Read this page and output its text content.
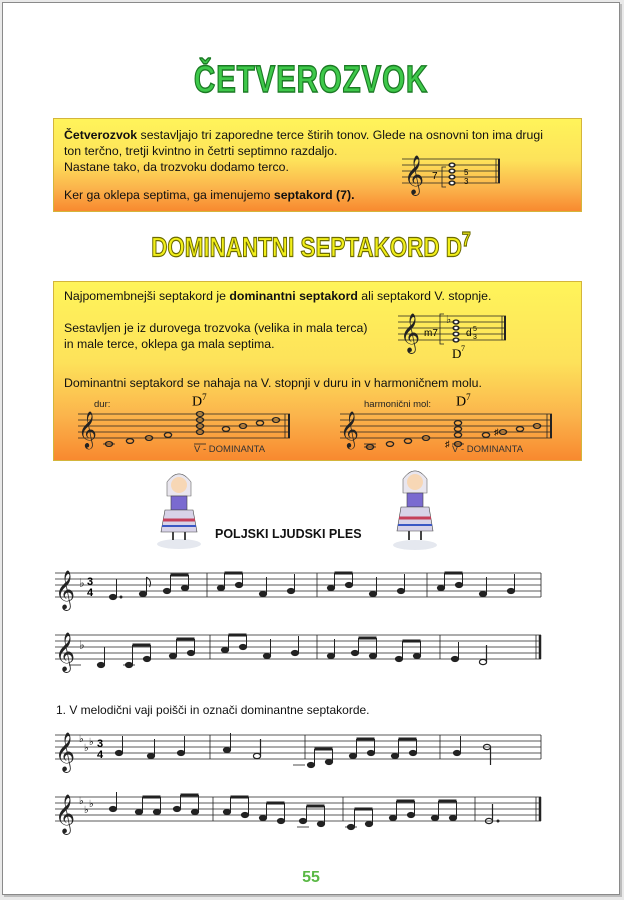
ČETVEROZVOK
Četverozvok sestavljajo tri zaporedne terce štirih tonov. Glede na osnovni ton ima drugi
ton terčno, tretji kvintno in četrti septimno razdaljo.
Nastane tako, da trozvoku dodamo terco.
Ker ga oklepa septima, ga imenujemo septakord (7). 𝄞 7	5
3
DOMINANTNI SEPTAKORD $D^7$
Najpomembnejši septakord je dominantni septakord ali septakord V. stopnje.
Sestavljen je iz durovega trozvoka (velika in mala terca)
in male terce, oklepa ga mala septima.	𝄞 ♭
m7	d 5
3
D 7
Dominantni septakord se nahaja na V. stopnji v duru in v harmoničnem molu.
dur:	$D^7$
harmonični mol: $D^7$
𝄞	𝄞	♯
♯
V - DOMINANTA	V - DOMINANTA
POLJSKI LJUDSKI PLES
𝄞 ♭ 3
4
𝄞 ♭
1. V melodični vaji poišči in označi dominantne septakorde.
𝄞 ♭
♭
♭ 3
4
𝄞 ♭
♭
♭
55
